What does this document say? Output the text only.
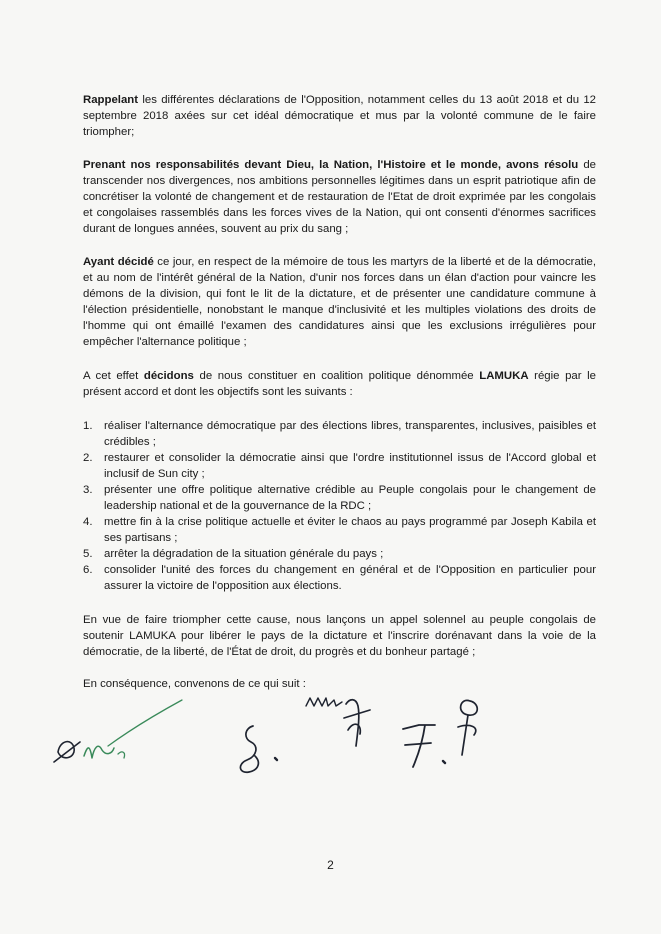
Rappelant les différentes déclarations de l'Opposition, notamment celles du 13 août 2018 et du 12 septembre 2018 axées sur cet idéal démocratique et mus par la volonté commune de le faire triompher;

Prenant nos responsabilités devant Dieu, la Nation, l'Histoire et le monde, avons résolu de transcender nos divergences, nos ambitions personnelles légitimes dans un esprit patriotique afin de concrétiser la volonté de changement et de restauration de l'Etat de droit exprimée par les congolais et congolaises rassemblés dans les forces vives de la Nation, qui ont consenti d'énormes sacrifices durant de longues années, souvent au prix du sang ;

Ayant décidé ce jour, en respect de la mémoire de tous les martyrs de la liberté et de la démocratie, et au nom de l'intérêt général de la Nation, d'unir nos forces dans un élan d'action pour vaincre les démons de la division, qui font le lit de la dictature, et de présenter une candidature commune à l'élection présidentielle, nonobstant le manque d'inclusivité et les multiples violations des droits de l'homme qui ont émaillé l'examen des candidatures ainsi que les exclusions irrégulières pour empêcher l'alternance politique ;

A cet effet décidons de nous constituer en coalition politique dénommée LAMUKA régie par le présent accord et dont les objectifs sont les suivants :

1. réaliser l'alternance démocratique par des élections libres, transparentes, inclusives, paisibles et crédibles ;
2. restaurer et consolider la démocratie ainsi que l'ordre institutionnel issus de l'Accord global et inclusif de Sun city ;
3. présenter une offre politique alternative crédible au Peuple congolais pour le changement de leadership national et de la gouvernance de la RDC ;
4. mettre fin à la crise politique actuelle et éviter le chaos au pays programmé par Joseph Kabila et ses partisans ;
5. arrêter la dégradation de la situation générale du pays ;
6. consolider l'unité des forces du changement en général et de l'Opposition en particulier pour assurer la victoire de l'opposition aux élections.

En vue de faire triompher cette cause, nous lançons un appel solennel au peuple congolais de soutenir LAMUKA pour libérer le pays de la dictature et l'inscrire dorénavant dans la voie de la démocratie, de la liberté, de l'État de droit, du progrès et du bonheur partagé ;

En conséquence, convenons de ce qui suit :

2
